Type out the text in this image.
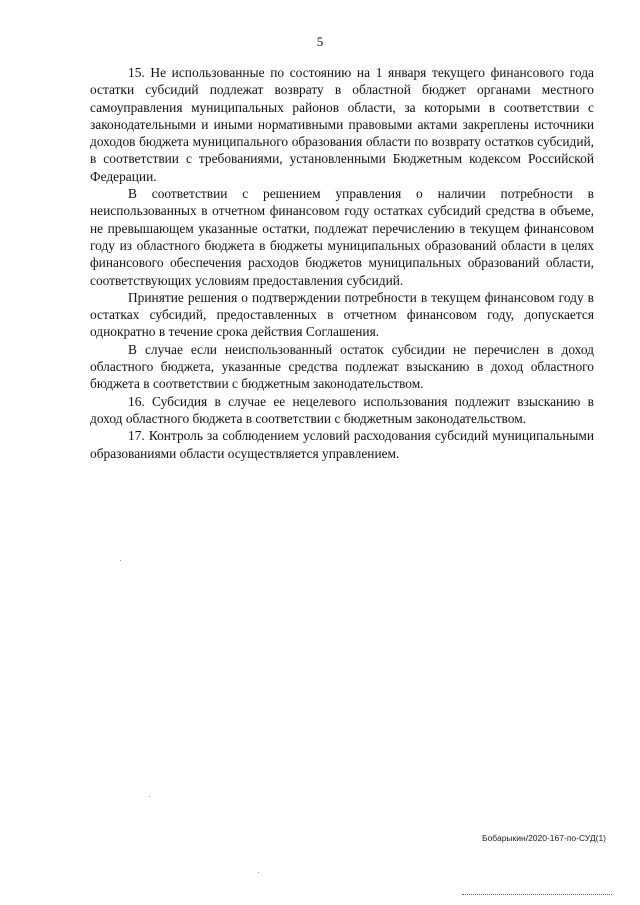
5

15. Не использованные по состоянию на 1 января текущего финансового года остатки субсидий подлежат возврату в областной бюджет органами местного самоуправления муниципальных районов области, за которыми в соответствии с законодательными и иными нормативными правовыми актами закреплены источники доходов бюджета муниципального образования области по возврату остатков субсидий, в соответствии с требованиями, установленными Бюджетным кодексом Российской Федерации.

В соответствии с решением управления о наличии потребности в неиспользованных в отчетном финансовом году остатках субсидий средства в объеме, не превышающем указанные остатки, подлежат перечислению в текущем финансовом году из областного бюджета в бюджеты муниципальных образований области в целях финансового обеспечения расходов бюджетов муниципальных образований области, соответствующих условиям предоставления субсидий.

Принятие решения о подтверждении потребности в текущем финансовом году в остатках субсидий, предоставленных в отчетном финансовом году, допускается однократно в течение срока действия Соглашения.

В случае если неиспользованный остаток субсидии не перечислен в доход областного бюджета, указанные средства подлежат взысканию в доход областного бюджета в соответствии с бюджетным законодательством.

16. Субсидия в случае ее нецелевого использования подлежит взысканию в доход областного бюджета в соответствии с бюджетным законодательством.

17. Контроль за соблюдением условий расходования субсидий муниципальными образованиями области осуществляется управлением.

Бобарыкин/2020-167-по-СУД(1)
